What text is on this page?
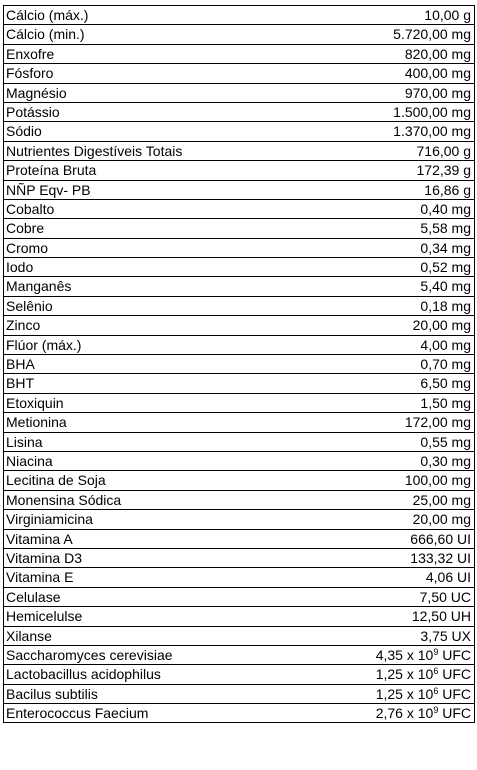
Cálcio (máx.)	10,00 g
Cálcio (min.)	5.720,00 mg
Enxofre	820,00 mg
Fósforo	400,00 mg
Magnésio	970,00 mg
Potássio	1.500,00 mg
Sódio	1.370,00 mg
Nutrientes Digestíveis Totais	716,00 g
Proteína Bruta	172,39 g
NÑP Eqv- PB	16,86 g
Cobalto	0,40 mg
Cobre	5,58 mg
Cromo	0,34 mg
Iodo	0,52 mg
Manganês	5,40 mg
Selênio	0,18 mg
Zinco	20,00 mg
Flúor (máx.)	4,00 mg
BHA	0,70 mg
BHT	6,50 mg
Etoxiquin	1,50 mg
Metionina	172,00 mg
Lisina	0,55 mg
Niacina	0,30 mg
Lecitina de Soja	100,00 mg
Monensina Sódica	25,00 mg
Virginiamicina	20,00 mg
Vitamina A	666,60 UI
Vitamina D3	133,32 UI
Vitamina E	4,06 UI
Celulase	7,50 UC
Hemicelulse	12,50 UH
Xilanse	3,75 UX
Saccharomyces cerevisiae	4,35 x $10^9$ UFC
Lactobacillus acidophilus	1,25 x $10^6$ UFC
Bacilus subtilis	1,25 x $10^6$ UFC
Enterococcus Faecium	2,76 x $10^9$ UFC
